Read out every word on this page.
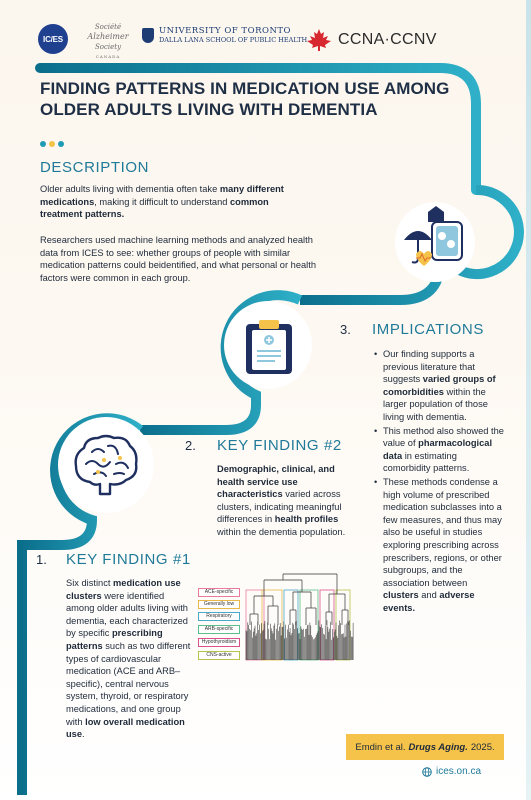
IC/ES
Société
Alzheimer
Society
CANADA
UNIVERSITY OF TORONTO
DALLA LANA SCHOOL OF PUBLIC HEALTH CCNA·CCNV
FINDING PATTERNS IN MEDICATION USE AMONG OLDER ADULTS LIVING WITH DEMENTIA
DESCRIPTION
Older adults living with dementia often take many different medications, making it difficult to understand common treatment patterns.
Researchers used machine learning methods and analyzed health data from ICES to see: whether groups of people with similar medication patterns could beidentified, and what personal or health factors were common in each group.
3. IMPLICATIONS
• Our finding supports a previous literature that suggests varied groups of comorbidities within the larger population of those living with dementia.
• This method also showed the value of pharmacological data in estimating comorbidity patterns.
• These methods condense a high volume of prescribed medication subclasses into a few measures, and thus may also be useful in studies exploring prescribing across prescribers, regions, or other subgroups, and the association between clusters and adverse events.
2. KEY FINDING #2
Demographic, clinical, and health service use characteristics varied across clusters, indicating meaningful differences in health profiles within the dementia population.
1. KEY FINDING #1
Six distinct medication use clusters were identified among older adults living with dementia, each characterized by specific prescribing patterns such as two different types of cardiovascular medication (ACE and ARB–specific), central nervous system, thyroid, or respiratory medications, and one group with low overall medication use.
ACE-specific
Generally low
Respiratory
ARB-specific
Hypothyroidism
CNS-active
Emdin et al. Drugs Aging. 2025.
ices.on.ca
